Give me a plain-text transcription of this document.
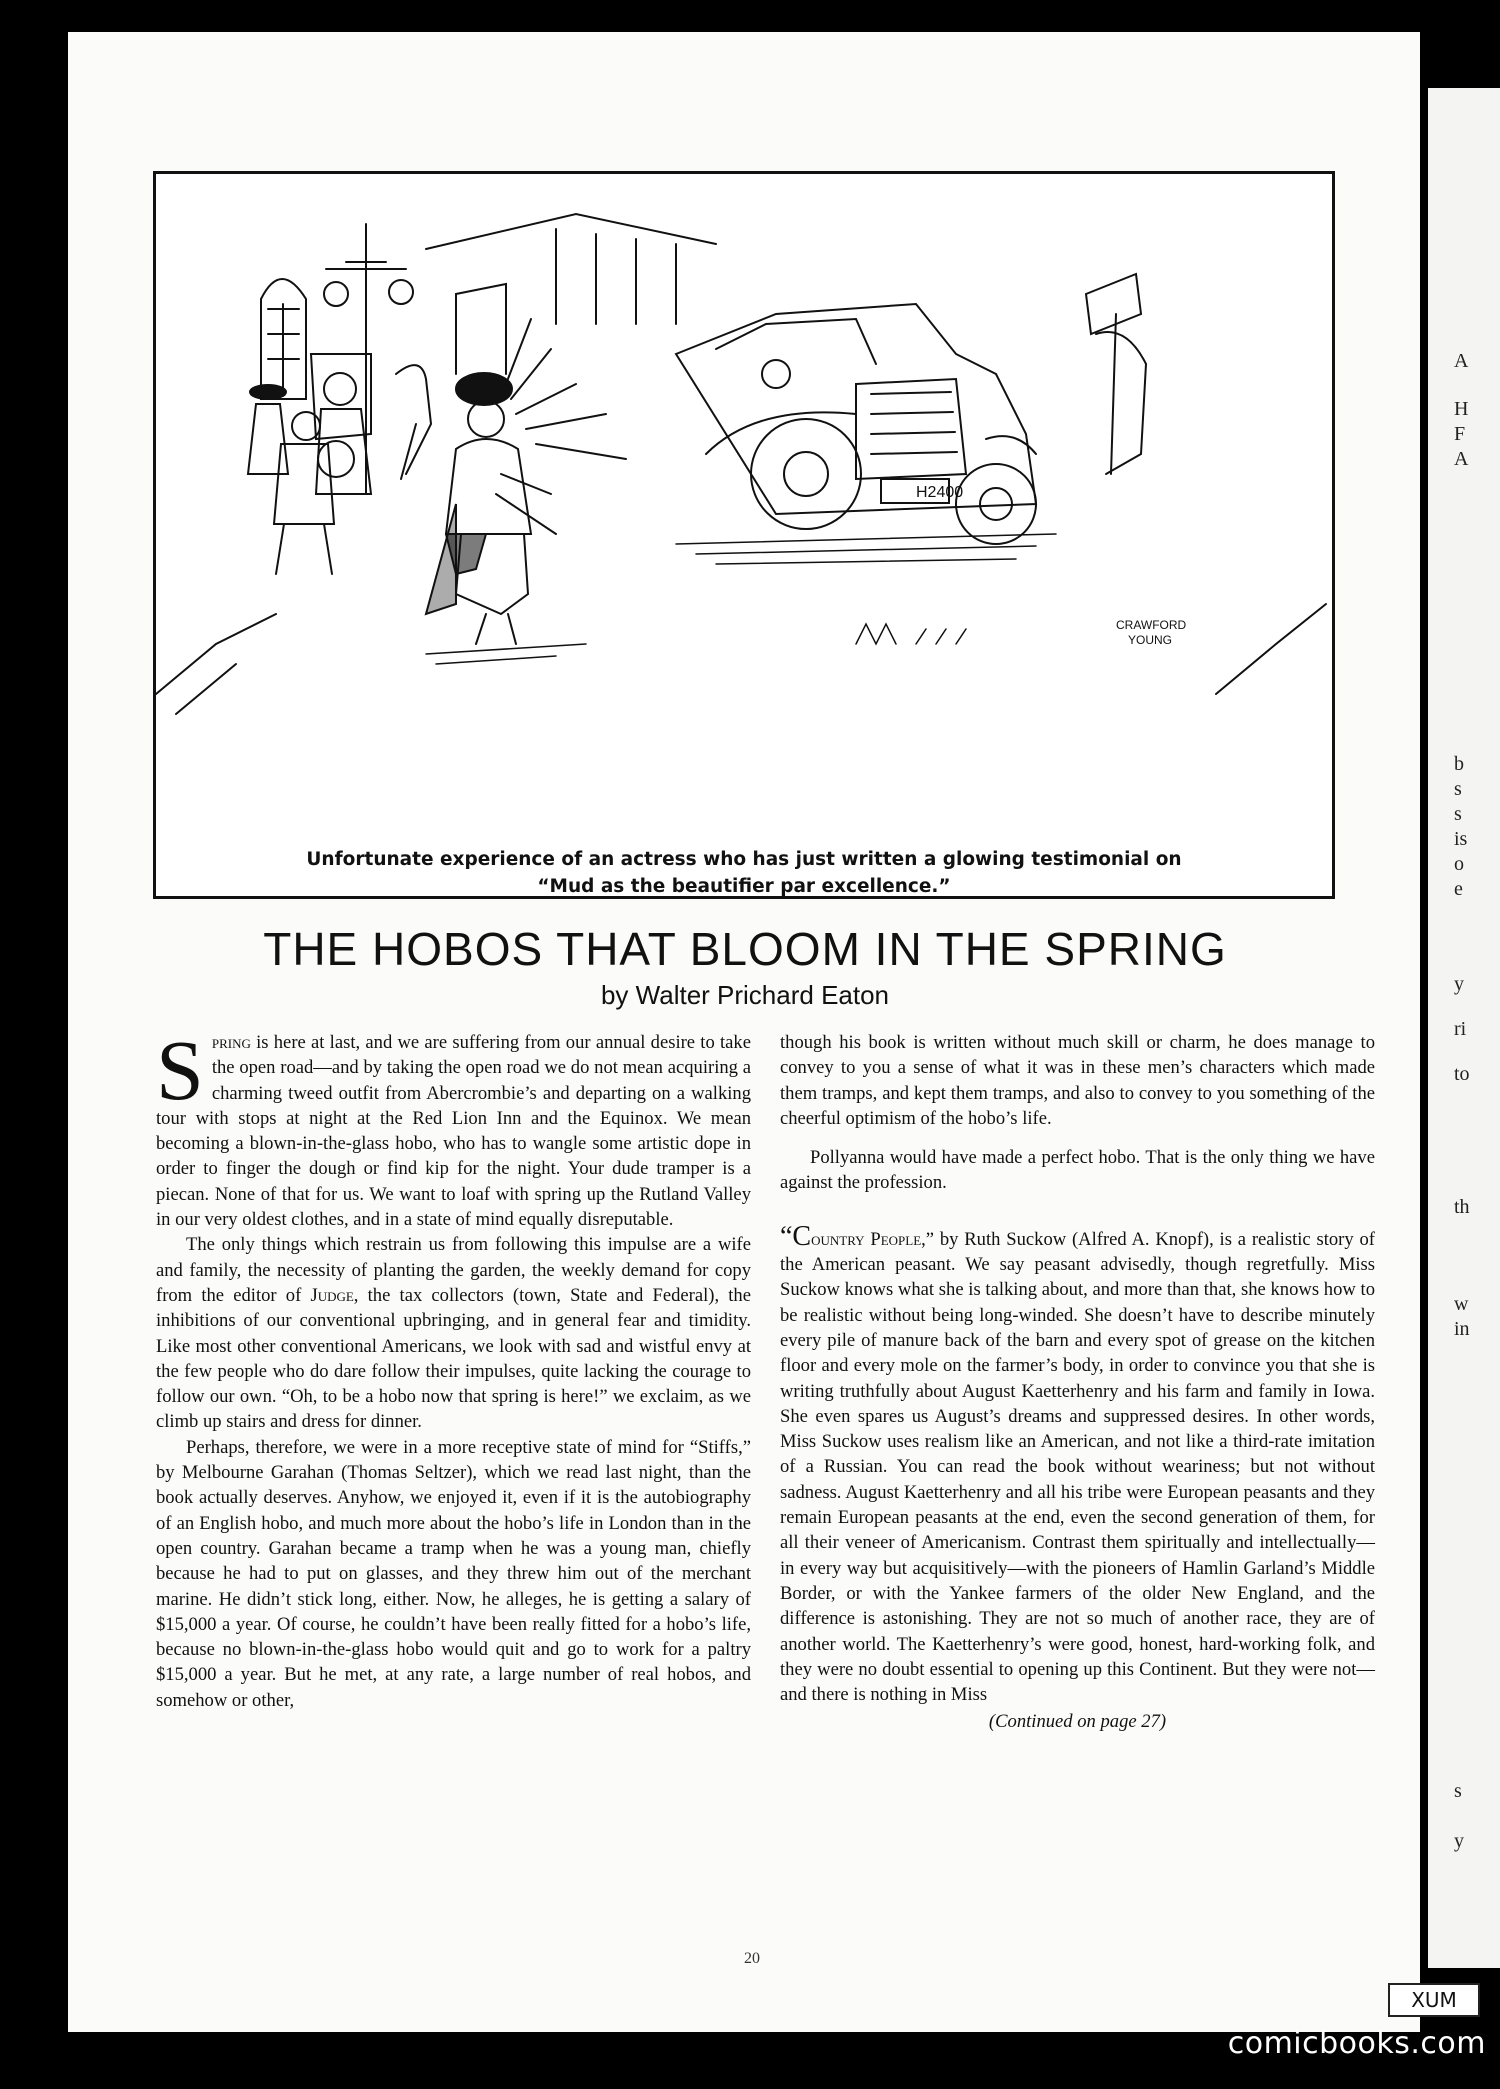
A
H
F
A
b
s
s
is
o
e
y
ri
to
th
w
in
s
y
H2400
CRAWFORD
YOUNG
Unfortunate experience of an actress who has just written a glowing testimonial on
“Mud as the beautifier par excellence.”
THE HOBOS THAT BLOOM IN THE SPRING
by Walter Prichard Eaton

Spring is here at last, and we are suffering from our annual desire to take the open road—and by taking the open road we do not mean acquiring a charming tweed outfit from Abercrombie’s and departing on a walking tour with stops at night at the Red Lion Inn and the Equinox. We mean becoming a blown-in-the-glass hobo, who has to wangle some artistic dope in order to finger the dough or find kip for the night. Your dude tramper is a piecan. None of that for us. We want to loaf with spring up the Rutland Valley in our very oldest clothes, and in a state of mind equally disreputable.

The only things which restrain us from following this impulse are a wife and family, the necessity of planting the garden, the weekly demand for copy from the editor of Judge, the tax collectors (town, State and Federal), the inhibitions of our conventional upbringing, and in general fear and timidity. Like most other conventional Americans, we look with sad and wistful envy at the few people who do dare follow their impulses, quite lacking the courage to follow our own. “Oh, to be a hobo now that spring is here!” we exclaim, as we climb up stairs and dress for dinner.

Perhaps, therefore, we were in a more receptive state of mind for “Stiffs,” by Melbourne Garahan (Thomas Seltzer), which we read last night, than the book actually deserves. Anyhow, we enjoyed it, even if it is the autobiography of an English hobo, and much more about the hobo’s life in London than in the open country. Garahan became a tramp when he was a young man, chiefly because he had to put on glasses, and they threw him out of the merchant marine. He didn’t stick long, either. Now, he alleges, he is getting a salary of $15,000 a year. Of course, he couldn’t have been really fitted for a hobo’s life, because no blown-in-the-glass hobo would quit and go to work for a paltry $15,000 a year. But he met, at any rate, a large number of real hobos, and somehow or other,

though his book is written without much skill or charm, he does manage to convey to you a sense of what it was in these men’s characters which made them tramps, and kept them tramps, and also to convey to you something of the cheerful optimism of the hobo’s life.

Pollyanna would have made a perfect hobo. That is the only thing we have against the profession.

“Country People,” by Ruth Suckow (Alfred A. Knopf), is a realistic story of the American peasant. We say peasant advisedly, though regretfully. Miss Suckow knows what she is talking about, and more than that, she knows how to be realistic without being long-winded. She doesn’t have to describe minutely every pile of manure back of the barn and every spot of grease on the kitchen floor and every mole on the farmer’s body, in order to convince you that she is writing truthfully about August Kaetterhenry and his farm and family in Iowa. She even spares us August’s dreams and suppressed desires. In other words, Miss Suckow uses realism like an American, and not like a third-rate imitation of a Russian. You can read the book without weariness; but not without sadness. August Kaetterhenry and all his tribe were European peasants and they remain European peasants at the end, even the second generation of them, for all their veneer of Americanism. Contrast them spiritually and intellectually—in every way but acquisitively—with the pioneers of Hamlin Garland’s Middle Border, or with the Yankee farmers of the older New England, and the difference is astonishing. They are not so much of another race, they are of another world. The Kaetterhenry’s were good, honest, hard-working folk, and they were no doubt essential to opening up this Continent. But they were not—and there is nothing in Miss

(Continued on page 27)
20
XUM
comicbooks.com
